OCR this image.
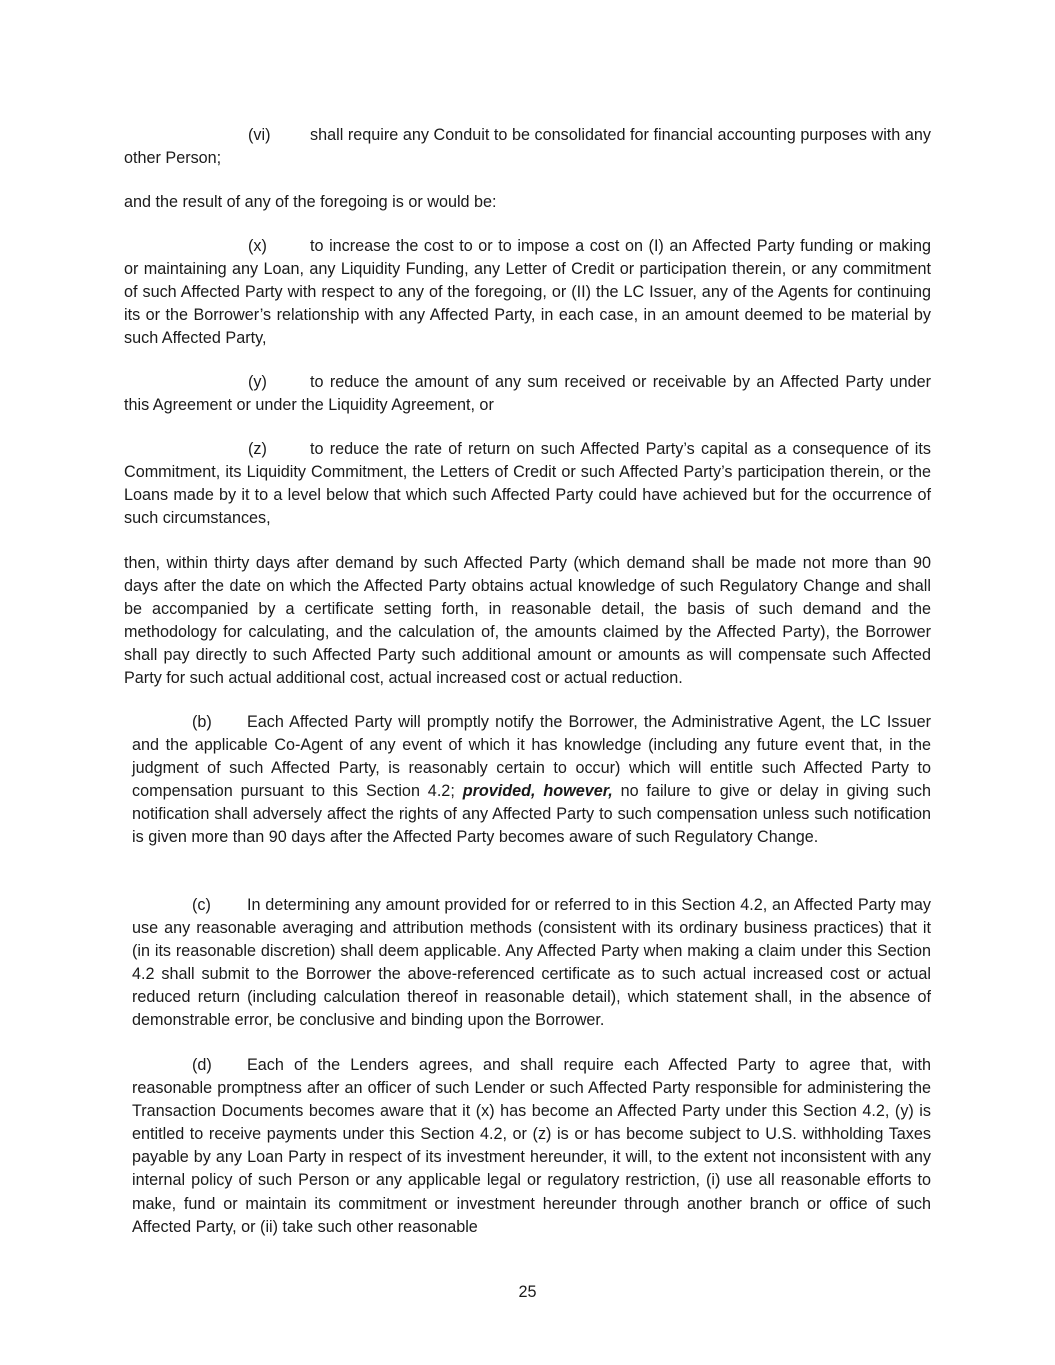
(vi) shall require any Conduit to be consolidated for financial accounting purposes with any other Person;

and the result of any of the foregoing is or would be:

(x)	to increase the cost to or to impose a cost on (I) an Affected Party funding or making or maintaining any Loan, any Liquidity Funding, any Letter of Credit or participation therein, or any commitment of such Affected Party with respect to any of the foregoing, or (II) the LC Issuer, any of the Agents for continuing its or the Borrower’s relationship with any Affected Party, in each case, in an amount deemed to be material by such Affected Party,

(y)	to reduce the amount of any sum received or receivable by an Affected Party under this Agreement or under the Liquidity Agreement, or

(z)	to reduce the rate of return on such Affected Party’s capital as a consequence of its Commitment, its Liquidity Commitment, the Letters of Credit or such Affected Party’s participation therein, or the Loans made by it to a level below that which such Affected Party could have achieved but for the occurrence of such circumstances,

then, within thirty days after demand by such Affected Party (which demand shall be made not more than 90 days after the date on which the Affected Party obtains actual knowledge of such Regulatory Change and shall be accompanied by a certificate setting forth, in reasonable detail, the basis of such demand and the methodology for calculating, and the calculation of, the amounts claimed by the Affected Party), the Borrower shall pay directly to such Affected Party such additional amount or amounts as will compensate such Affected Party for such actual additional cost, actual increased cost or actual reduction.

(b) Each Affected Party will promptly notify the Borrower, the Administrative Agent, the LC Issuer and the applicable Co-Agent of any event of which it has knowledge (including any future event that, in the judgment of such Affected Party, is reasonably certain to occur) which will entitle such Affected Party to compensation pursuant to this Section 4.2; provided, however, no failure to give or delay in giving such notification shall adversely affect the rights of any Affected Party to such compensation unless such notification is given more than 90 days after the Affected Party becomes aware of such Regulatory Change.

(c) In determining any amount provided for or referred to in this Section 4.2, an Affected Party may use any reasonable averaging and attribution methods (consistent with its ordinary business practices) that it (in its reasonable discretion) shall deem applicable. Any Affected Party when making a claim under this Section 4.2 shall submit to the Borrower the above-referenced certificate as to such actual increased cost or actual reduced return (including calculation thereof in reasonable detail), which statement shall, in the absence of demonstrable error, be conclusive and binding upon the Borrower.

(d) Each of the Lenders agrees, and shall require each Affected Party to agree that, with reasonable promptness after an officer of such Lender or such Affected Party responsible for administering the Transaction Documents becomes aware that it (x) has become an Affected Party under this Section 4.2, (y) is entitled to receive payments under this Section 4.2, or (z) is or has become subject to U.S. withholding Taxes payable by any Loan Party in respect of its investment hereunder, it will, to the extent not inconsistent with any internal policy of such Person or any applicable legal or regulatory restriction, (i) use all reasonable efforts to make, fund or maintain its commitment or investment hereunder through another branch or office of such Affected Party, or (ii) take such other reasonable

25
